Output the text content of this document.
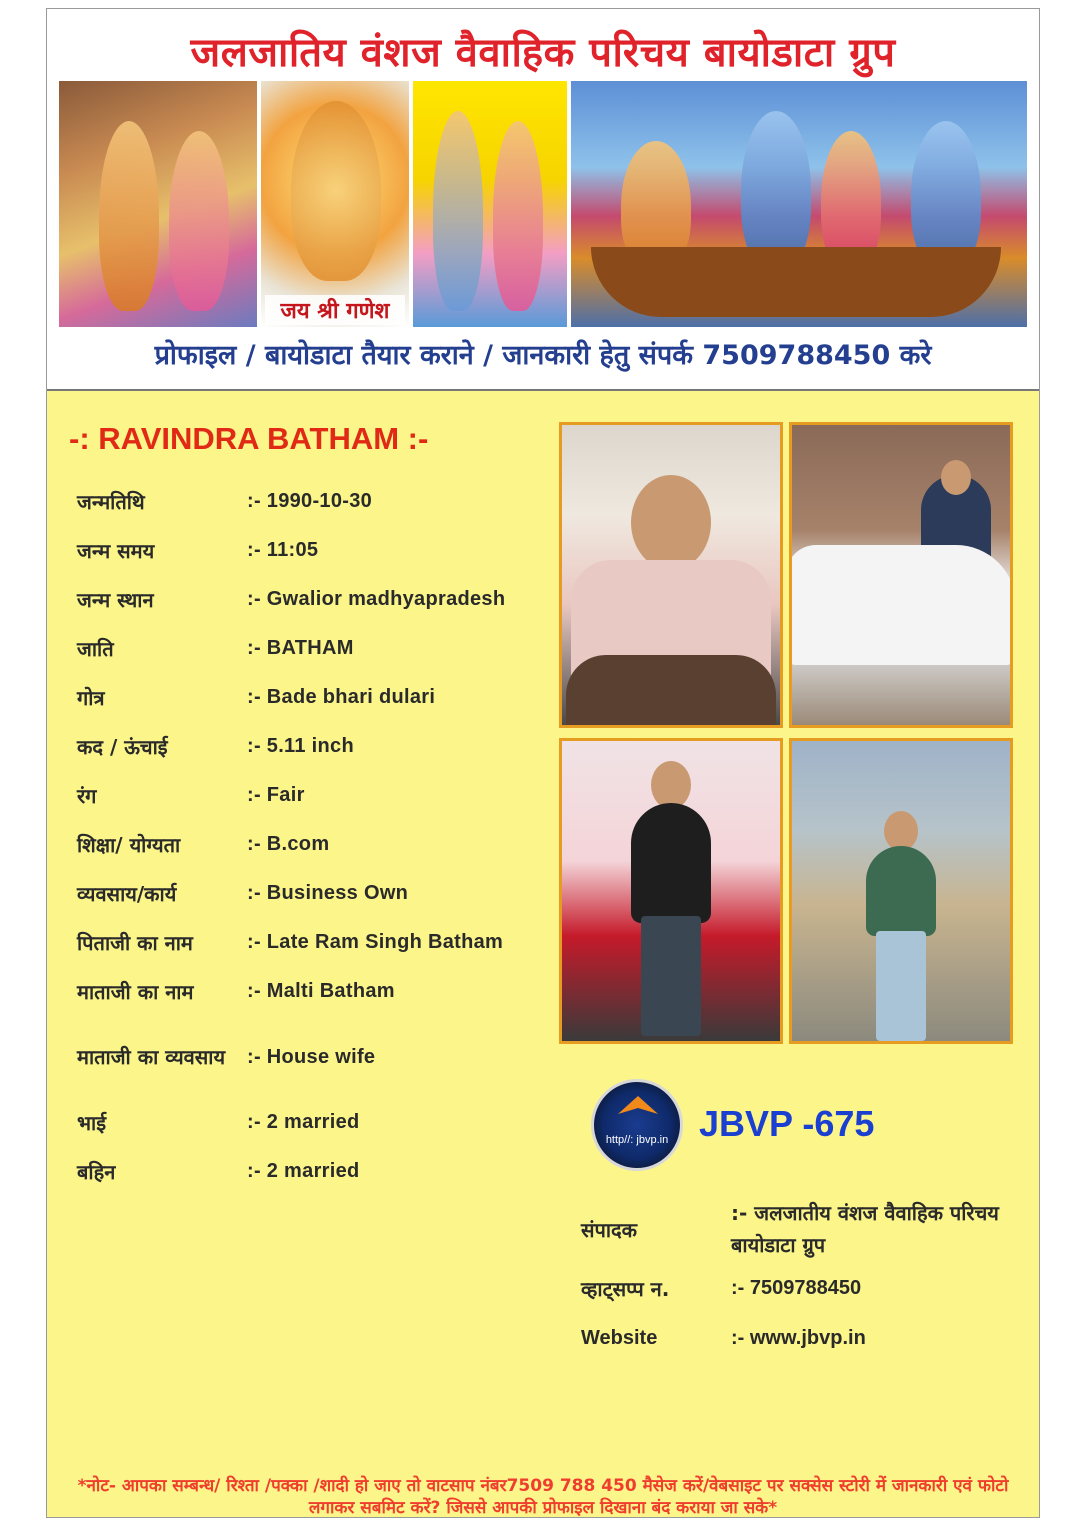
जलजातिय वंशज वैवाहिक परिचय बायोडाटा ग्रुप
जय श्री गणेश
प्रोफाइल / बायोडाटा तैयार कराने / जानकारी हेतु संपर्क 7509788450 करे
-: RAVINDRA BATHAM :-
जन्मतिथि	:- 1990-10-30
जन्म समय	:- 11:05
जन्म स्थान	:- Gwalior madhyapradesh
जाति	:- BATHAM
गोत्र	:- Bade bhari dulari
कद / ऊंचाई	:- 5.11 inch
रंग	:- Fair
शिक्षा/ योग्यता	:- B.com
व्यवसाय/कार्य	:- Business Own
पिताजी का नाम	:- Late Ram Singh Batham
माताजी का नाम	:- Malti Batham
माताजी का व्यवसाय :- House wife
भाई	:- 2 married
बहिन	:- 2 married
http//: jbvp.in JBVP -675
संपादक
:- जलजातीय वंशज वैवाहिक परिचय बायोडाटा ग्रुप
व्हाट्सप्प न.	:- 7509788450
Website	:- www.jbvp.in
*नोट- आपका सम्बन्ध/ रिश्ता /पक्का /शादी हो जाए तो वाटसाप नंबर7509 788 450 मैसेज करें/वेबसाइट पर सक्सेस स्टोरी में जानकारी एवं फोटो लगाकर सबमिट करें? जिससे आपकी प्रोफाइल दिखाना बंद कराया जा सके*
